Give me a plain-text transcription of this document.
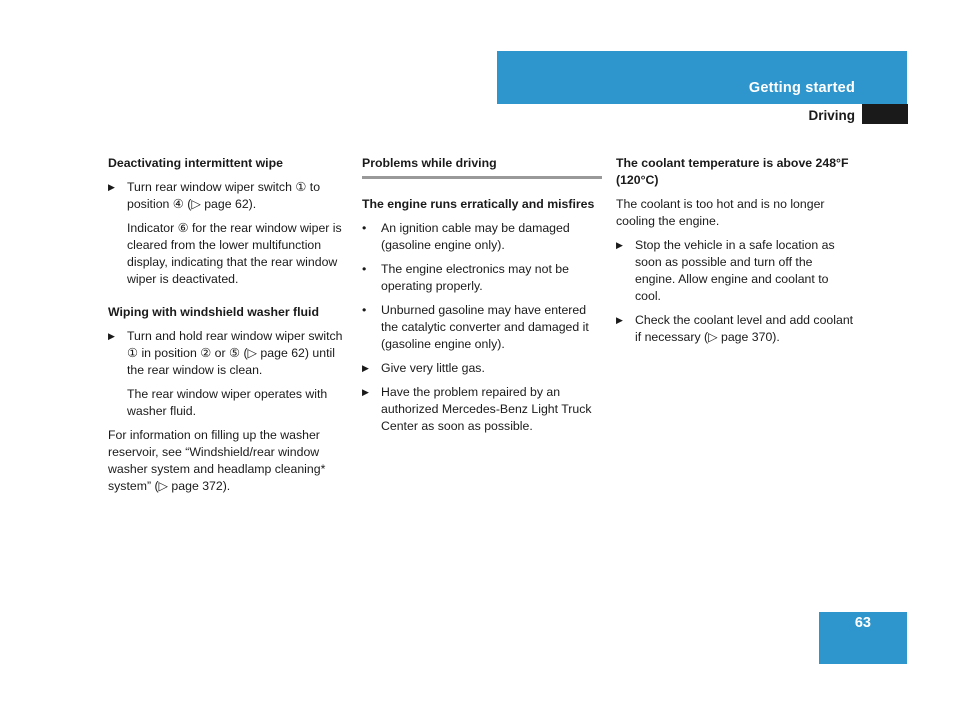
Getting started
Driving
Deactivating intermittent wipe
▶ Turn rear window wiper switch ① to position ④ (▷ page 62).

Indicator ⑥ for the rear window wiper is cleared from the lower multifunction display, indicating that the rear window wiper is deactivated.

Wiping with windshield washer fluid
▶ Turn and hold rear window wiper switch ① in position ② or ⑤ (▷ page 62) until the rear window is clean.

The rear window wiper operates with washer fluid.

For information on filling up the washer reservoir, see “Windshield/rear window washer system and headlamp cleaning* system” (▷ page 372).

Problems while driving
The engine runs erratically and misfires
•	An ignition cable may be damaged (gasoline engine only).
•	The engine electronics may not be operating properly.
•	Unburned gasoline may have entered the catalytic converter and damaged it (gasoline engine only).
▶ Give very little gas.
▶ Have the problem repaired by an authorized Mercedes-Benz Light Truck Center as soon as possible.
The coolant temperature is above 248°F (120°C)

The coolant is too hot and is no longer cooling the engine.

▶ Stop the vehicle in a safe location as soon as possible and turn off the engine. Allow engine and coolant to cool.
▶ Check the coolant level and add coolant if necessary (▷ page 370).
63
